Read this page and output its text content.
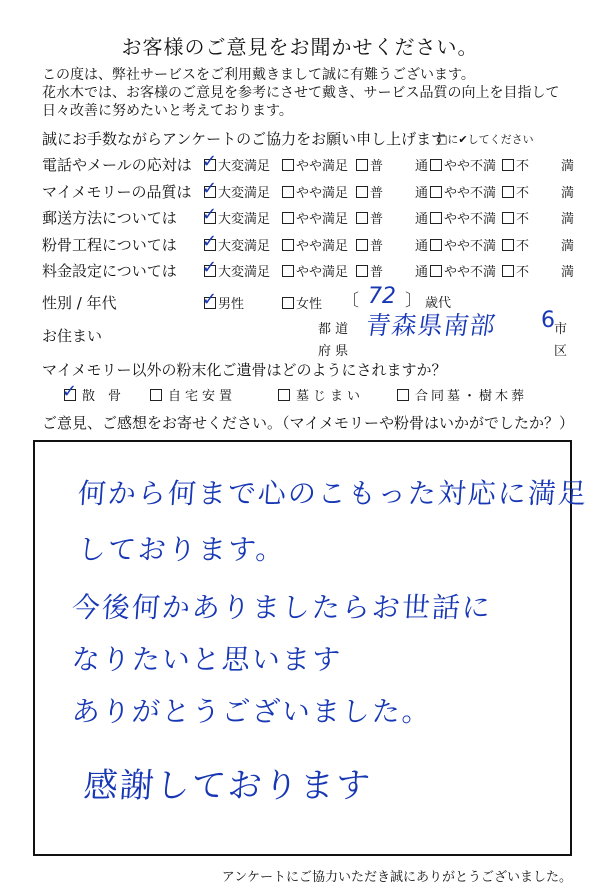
お客様のご意見をお聞かせください。
この度は、弊社サービスをご利用戴きまして誠に有難うございます。
花水木では、お客様のご意見を参考にさせて戴き、サービス品質の向上を目指して
日々改善に努めたいと考えております。
誠にお手数ながらアンケートのご協力をお願い申し上げます
□に✔してください
電話やメールの応対は ✓ 大変満足 やや満足 普　　通 やや不満 不　　満
マイメモリーの品質は ✓ 大変満足 やや満足 普　　通 やや不満 不　　満
郵送方法については ✓ 大変満足 やや満足 普　　通 やや不満 不　　満
粉骨工程については ✓ 大変満足 やや満足 普　　通 やや不満 不　　満
料金設定については ✓ 大変満足 やや満足 普　　通 やや不満 不　　満
性別 / 年代	✓ 男性	女性 〔 72 〕 歳代
お住まい	都 道
府 県
青森県南部 6 市
区
マイメモリー以外の粉末化ご遺骨はどのようにされますか？
✓ 散　骨	自宅安置	墓じまい	合同墓・樹木葬
ご意見、ご感想をお寄せください。（マイメモリーや粉骨はいかがでしたか？）
何から何まで心のこもった対応に満足
しております。
今後何かありましたらお世話に
なりたいと思います
ありがとうございました。
感謝しております
アンケートにご協力いただき誠にありがとうございました。
